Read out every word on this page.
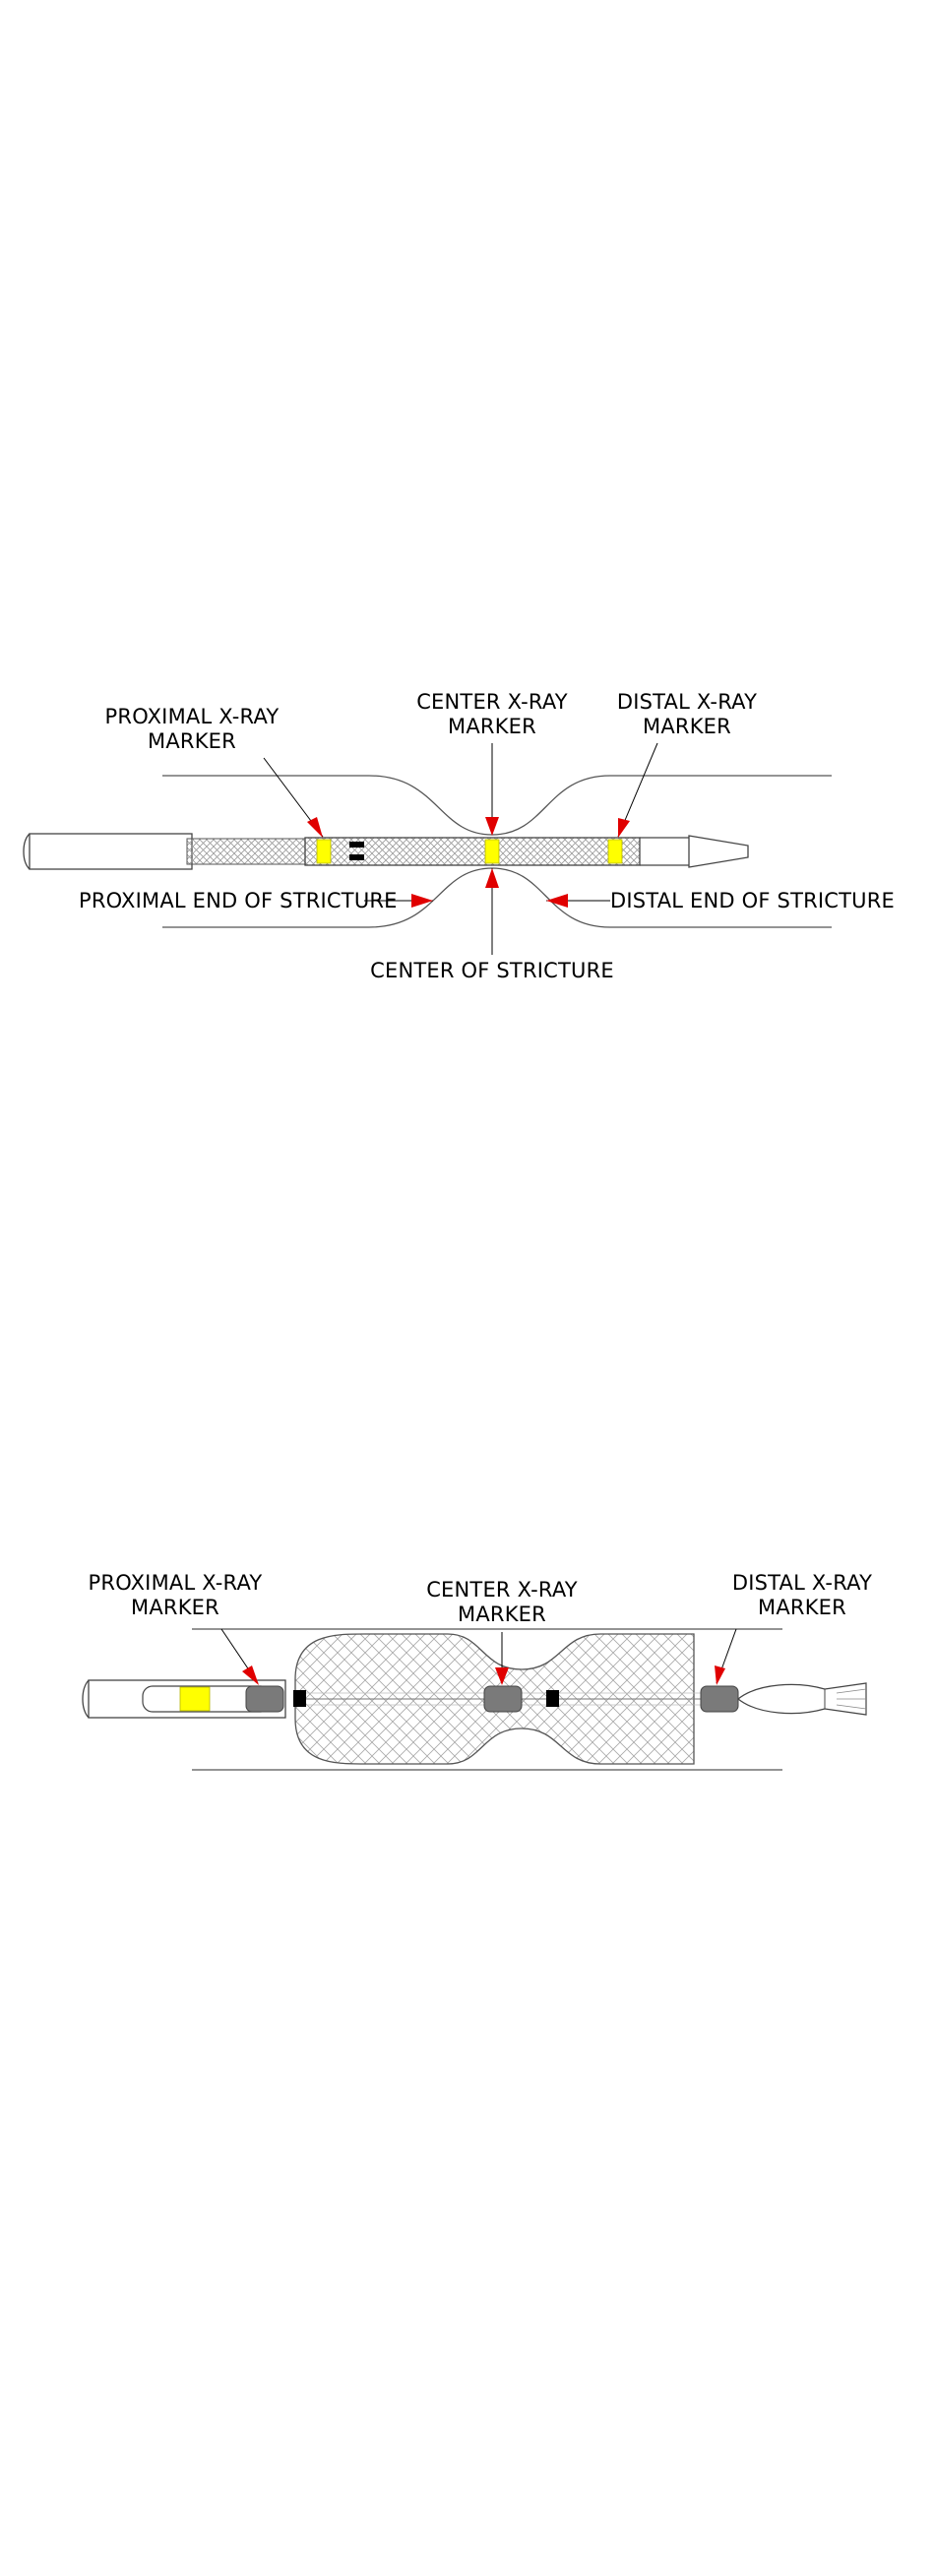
PROXIMAL X-RAY
MARKER
CENTER X-RAY
MARKER
DISTAL X-RAY
MARKER
PROXIMAL END OF STRICTURE	DISTAL END OF STRICTURE
CENTER OF STRICTURE
PROXIMAL X-RAY
MARKER
CENTER X-RAY
MARKER
DISTAL X-RAY
MARKER
